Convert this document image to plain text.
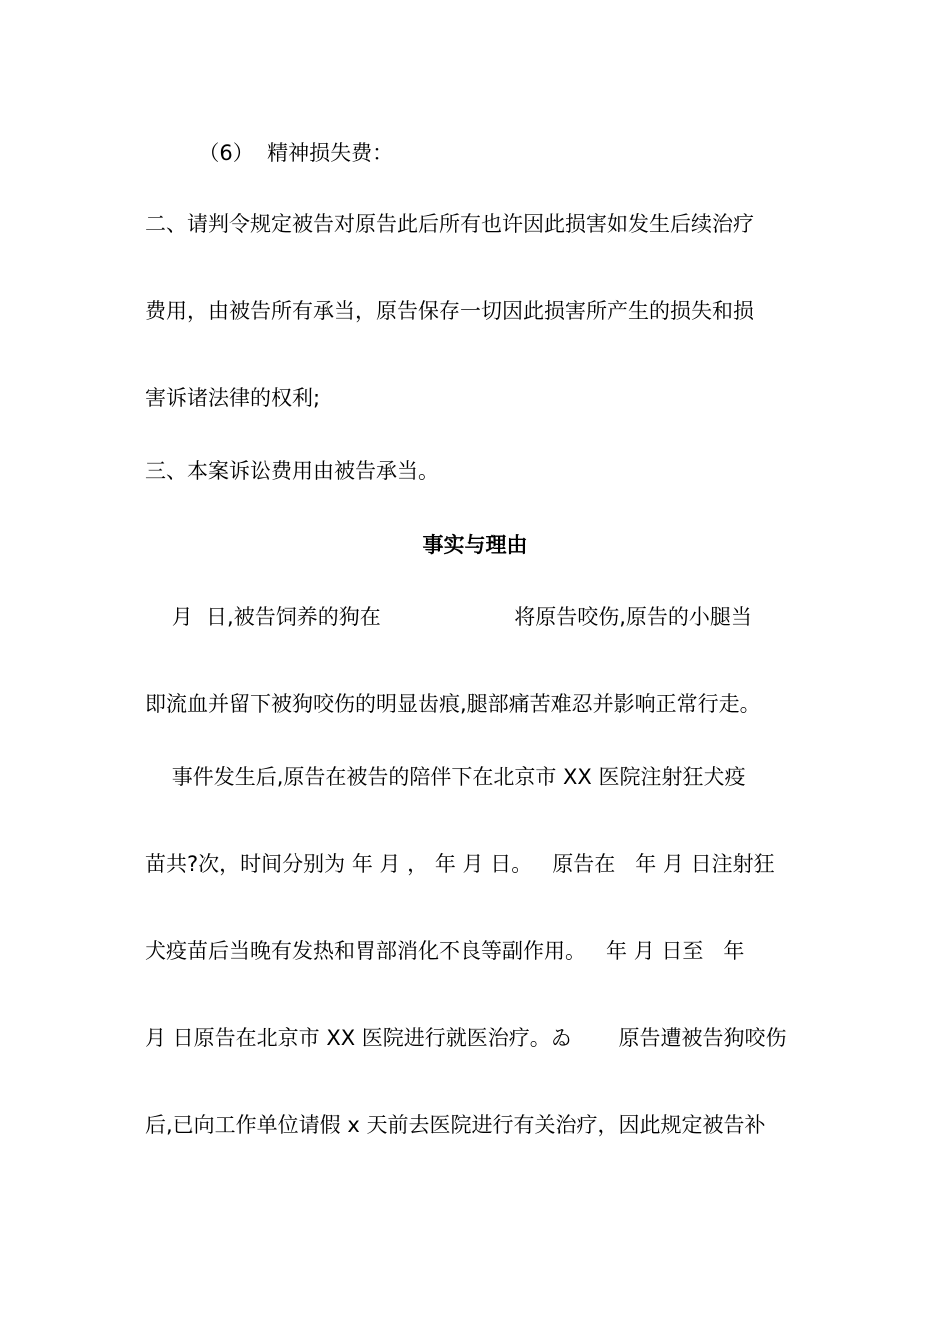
（6）  精神损失费：
二、请判令规定被告对原告此后所有也许因此损害如发生后续治疗
费用，由被告所有承当，原告保存一切因此损害所产生的损失和损
害诉诸法律的权利;
三、本案诉讼费用由被告承当。
事实与理由
月  日,被告饲养的狗在                    将原告咬伤,原告的小腿当
即流血并留下被狗咬伤的明显齿痕,腿部痛苦难忍并影响正常行走。
事件发生后,原告在被告的陪伴下在北京市 XX 医院注射狂犬疫
苗共?次，时间分别为 年 月 ， 年 月 日。   原告在   年 月 日注射狂
犬疫苗后当晚有发热和胃部消化不良等副作用。   年 月 日至   年
月 日原告在北京市 XX 医院进行就医治疗。ゐ       原告遭被告狗咬伤
后,已向工作单位请假 x 天前去医院进行有关治疗，因此规定被告补
